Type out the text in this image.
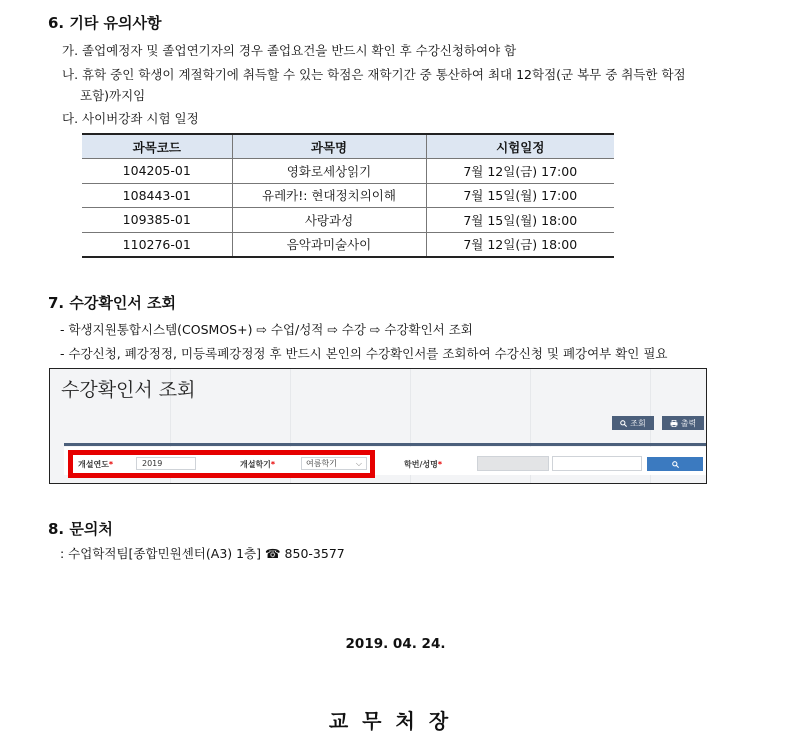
6. 기타 유의사항
가. 졸업예정자 및 졸업연기자의 경우 졸업요건을 반드시 확인 후 수강신청하여야 함
나. 휴학 중인 학생이 계절학기에 취득할 수 있는 학점은 재학기간 중 통산하여 최대 12학점(군 복무 중 취득한 학점
포함)까지임
다. 사이버강좌 시험 일정
과목코드	과목명	시험일정
104205-01	영화로세상읽기	7월 12일(금) 17:00
108443-01	유레카!: 현대정치의이해	7월 15일(월) 17:00
109385-01	사랑과성	7월 15일(월) 18:00
110276-01	음악과미술사이	7월 12일(금) 18:00
7. 수강확인서 조회
- 학생지원통합시스템(COSMOS+) ⇨ 수업/성적 ⇨ 수강 ⇨ 수강확인서 조회
- 수강신청, 폐강정정, 미등록폐강정정 후 반드시 본인의 수강확인서를 조회하여 수강신청 및 폐강여부 확인 필요
수강확인서 조회
조회	출력
개설연도*	2019	개설학기*	여름학기 ⌵	학번/성명*
8. 문의처
: 수업학적팀[종합민원센터(A3) 1층] ☎ 850-3577
2019. 04. 24.
교무처장
